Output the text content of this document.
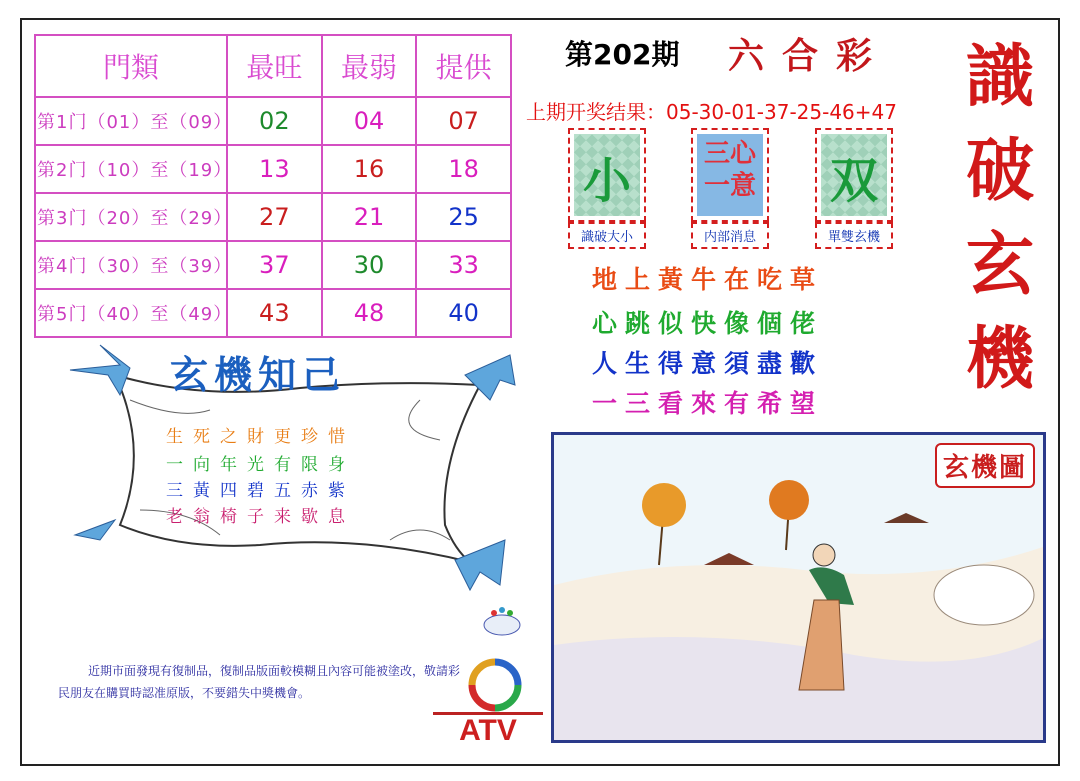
門類	最旺	最弱	提供
第1门（01）至（09）	02	04	07
第2门（10）至（19）	13	16	18
第3门（20）至（29）	27	21	25
第4门（30）至（39）	37	30	33
第5门（40）至（49）	43	48	40
第202期 六合彩
上期开奖结果：05-30-01-37-25-46+47 識
破
玄
機
小
識破大小
三心一意
内部消息
双
單雙玄機
地上黃牛在吃草
心跳似快像個佬
人生得意須盡歡
一三看來有希望
玄機知己
生死之財更珍惜
一向年光有限身
三黃四碧五赤紫
老翁椅子来歇息
近期市面發現有復制品，復制品版面較模糊且內容可能被塗改，敬請彩民朋友在購買時認准原版，不要錯失中獎機會。
ATV
玄機圖
